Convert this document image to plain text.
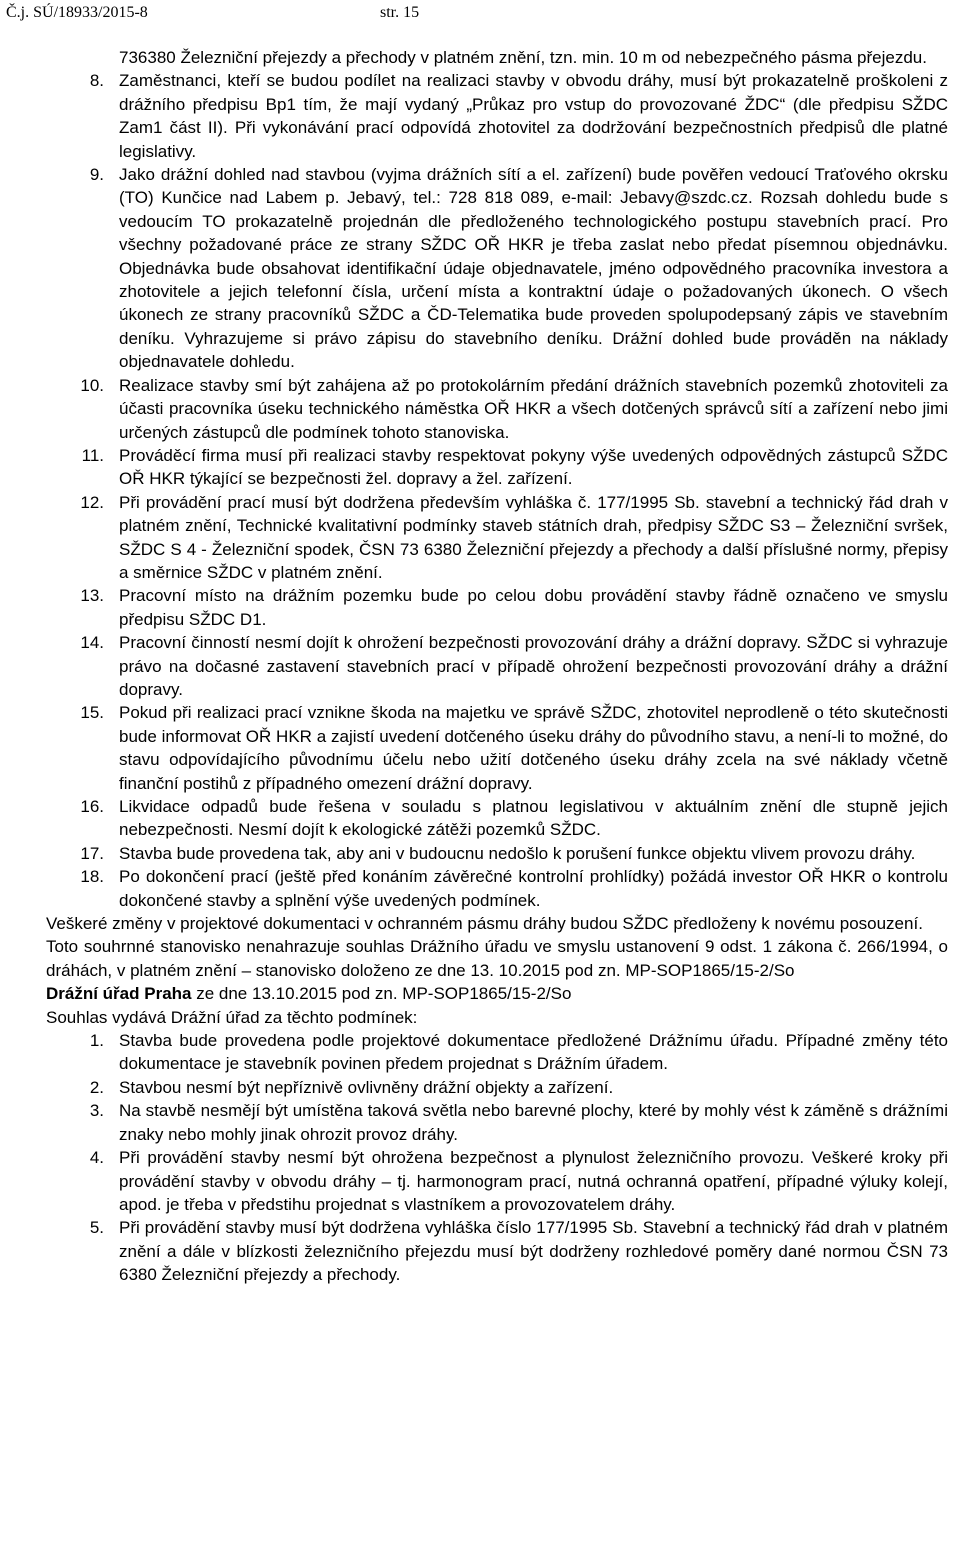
Č.j. SÚ/18933/2015-8	str. 15
736380 Železniční přejezdy a přechody v platném znění, tzn. min. 10 m od nebezpečného pásma přejezdu.
8. Zaměstnanci, kteří se budou podílet na realizaci stavby v obvodu dráhy, musí být prokazatelně proškoleni z drážního předpisu Bp1 tím, že mají vydaný „Průkaz pro vstup do provozované ŽDC“ (dle předpisu SŽDC Zam1 část II). Při vykonávání prací odpovídá zhotovitel za dodržování bezpečnostních předpisů dle platné legislativy.
9. Jako drážní dohled nad stavbou (vyjma drážních sítí a el. zařízení) bude pověřen vedoucí Traťového okrsku (TO) Kunčice nad Labem p. Jebavý, tel.: 728 818 089, e-mail: Jebavy@szdc.cz. Rozsah dohledu bude s vedoucím TO prokazatelně projednán dle předloženého technologického postupu stavebních prací. Pro všechny požadované práce ze strany SŽDC OŘ HKR je třeba zaslat nebo předat písemnou objednávku. Objednávka bude obsahovat identifikační údaje objednavatele, jméno odpovědného pracovníka investora a zhotovitele a jejich telefonní čísla, určení místa a kontraktní údaje o požadovaných úkonech. O všech úkonech ze strany pracovníků SŽDC a ČD-Telematika bude proveden spolupodepsaný zápis ve stavebním deníku. Vyhrazujeme si právo zápisu do stavebního deníku. Drážní dohled bude prováděn na náklady objednavatele dohledu.
10. Realizace stavby smí být zahájena až po protokolárním předání drážních stavebních pozemků zhotoviteli za účasti pracovníka úseku technického náměstka OŘ HKR a všech dotčených správců sítí a zařízení nebo jimi určených zástupců dle podmínek tohoto stanoviska.
11. Prováděcí firma musí při realizaci stavby respektovat pokyny výše uvedených odpovědných zástupců SŽDC OŘ HKR týkající se bezpečnosti žel. dopravy a žel. zařízení.
12. Při provádění prací musí být dodržena především vyhláška č. 177/1995 Sb. stavební a technický řád drah v platném znění, Technické kvalitativní podmínky staveb státních drah, předpisy SŽDC S3 – Železniční svršek, SŽDC S 4 - Železniční spodek, ČSN 73 6380 Železniční přejezdy a přechody a další příslušné normy, přepisy a směrnice SŽDC v platném znění.
13. Pracovní místo na drážním pozemku bude po celou dobu provádění stavby řádně označeno ve smyslu předpisu SŽDC D1.
14. Pracovní činností nesmí dojít k ohrožení bezpečnosti provozování dráhy a drážní dopravy. SŽDC si vyhrazuje právo na dočasné zastavení stavebních prací v případě ohrožení bezpečnosti provozování dráhy a drážní dopravy.
15. Pokud při realizaci prací vznikne škoda na majetku ve správě SŽDC, zhotovitel neprodleně o této skutečnosti bude informovat OŘ HKR a zajistí uvedení dotčeného úseku dráhy do původního stavu, a není-li to možné, do stavu odpovídajícího původnímu účelu nebo užití dotčeného úseku dráhy zcela na své náklady včetně finanční postihů z případného omezení drážní dopravy.
16. Likvidace odpadů bude řešena v souladu s platnou legislativou v aktuálním znění dle stupně jejich nebezpečnosti. Nesmí dojít k ekologické zátěži pozemků SŽDC.
17. Stavba bude provedena tak, aby ani v budoucnu nedošlo k porušení funkce objektu vlivem provozu dráhy.
18. Po dokončení prací (ještě před konáním závěrečné kontrolní prohlídky) požádá investor OŘ HKR o kontrolu dokončené stavby a splnění výše uvedených podmínek.
Veškeré změny v projektové dokumentaci v ochranném pásmu dráhy budou SŽDC předloženy k novému posouzení.
Toto souhrnné stanovisko nenahrazuje souhlas Drážního úřadu ve smyslu ustanovení 9 odst. 1 zákona č. 266/1994, o dráhách, v platném znění – stanovisko doloženo ze dne 13. 10.2015 pod zn. MP-SOP1865/15-2/So
Drážní úřad Praha ze dne 13.10.2015 pod zn. MP-SOP1865/15-2/So
Souhlas vydává Drážní úřad za těchto podmínek:
1. Stavba bude provedena podle projektové dokumentace předložené Drážnímu úřadu. Případné změny této dokumentace je stavebník povinen předem projednat s Drážním úřadem.
2. Stavbou nesmí být nepříznivě ovlivněny drážní objekty a zařízení.
3. Na stavbě nesmějí být umístěna taková světla nebo barevné plochy, které by mohly vést k záměně s drážními znaky nebo mohly jinak ohrozit provoz dráhy.
4. Při provádění stavby nesmí být ohrožena bezpečnost a plynulost železničního provozu. Veškeré kroky při provádění stavby v obvodu dráhy – tj. harmonogram prací, nutná ochranná opatření, případné výluky kolejí, apod. je třeba v předstihu projednat s vlastníkem a provozovatelem dráhy.
5. Při provádění stavby musí být dodržena vyhláška číslo 177/1995 Sb. Stavební a technický řád drah v platném znění a dále v blízkosti železničního přejezdu musí být dodrženy rozhledové poměry dané normou ČSN 73 6380 Železniční přejezdy a přechody.
